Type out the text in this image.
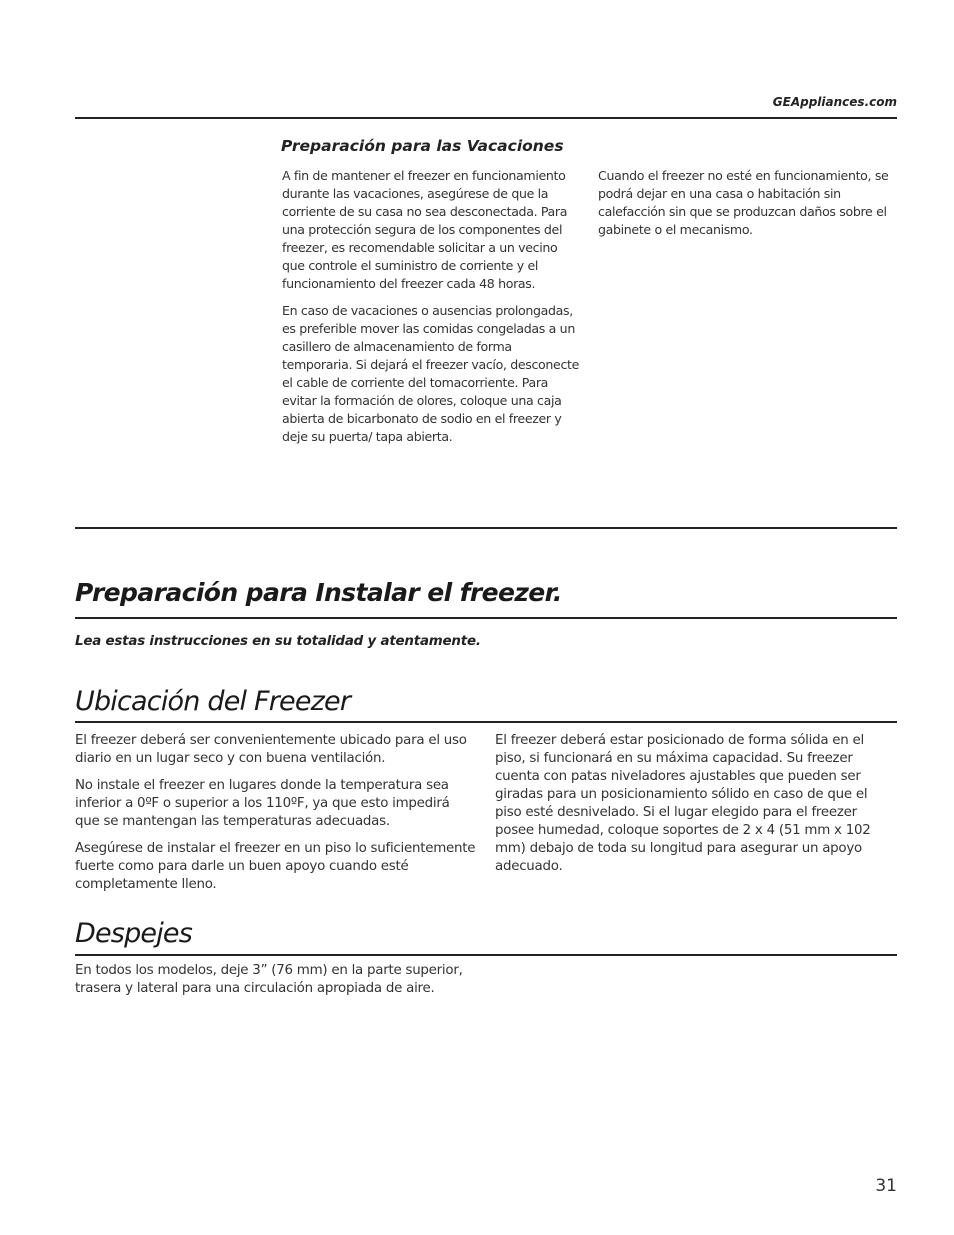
GEAppliances.com
Preparación para las Vacaciones

A fin de mantener el freezer en funcionamiento durante las vacaciones, asegúrese de que la corriente de su casa no sea desconectada. Para una protección segura de los componentes del freezer, es recomendable solicitar a un vecino que controle el suministro de corriente y el funcionamiento del freezer cada 48 horas.

En caso de vacaciones o ausencias prolongadas, es preferible mover las comidas congeladas a un casillero de almacenamiento de forma temporaria. Si dejará el freezer vacío, desconecte el cable de corriente del tomacorriente. Para evitar la formación de olores, coloque una caja abierta de bicarbonato de sodio en el freezer y deje su puerta/ tapa abierta.

Cuando el freezer no esté en funcionamiento, se podrá dejar en una casa o habitación sin calefacción sin que se produzcan daños sobre el gabinete o el mecanismo.

Preparación para Instalar el freezer.
Lea estas instrucciones en su totalidad y atentamente.
Ubicación del Freezer

El freezer deberá ser convenientemente ubicado para el uso diario en un lugar seco y con buena ventilación.

No instale el freezer en lugares donde la temperatura sea inferior a 0ºF o superior a los 110ºF, ya que esto impedirá que se mantengan las temperaturas adecuadas.

Asegúrese de instalar el freezer en un piso lo suficientemente fuerte como para darle un buen apoyo cuando esté completamente lleno.

El freezer deberá estar posicionado de forma sólida en el piso, si funcionará en su máxima capacidad. Su freezer cuenta con patas niveladores ajustables que pueden ser giradas para un posicionamiento sólido en caso de que el piso esté desnivelado. Si el lugar elegido para el freezer posee humedad, coloque soportes de 2 x 4 (51 mm x 102 mm) debajo de toda su longitud para asegurar un apoyo adecuado.

Despejes

En todos los modelos, deje 3” (76 mm) en la parte superior, trasera y lateral para una circulación apropiada de aire.

31
